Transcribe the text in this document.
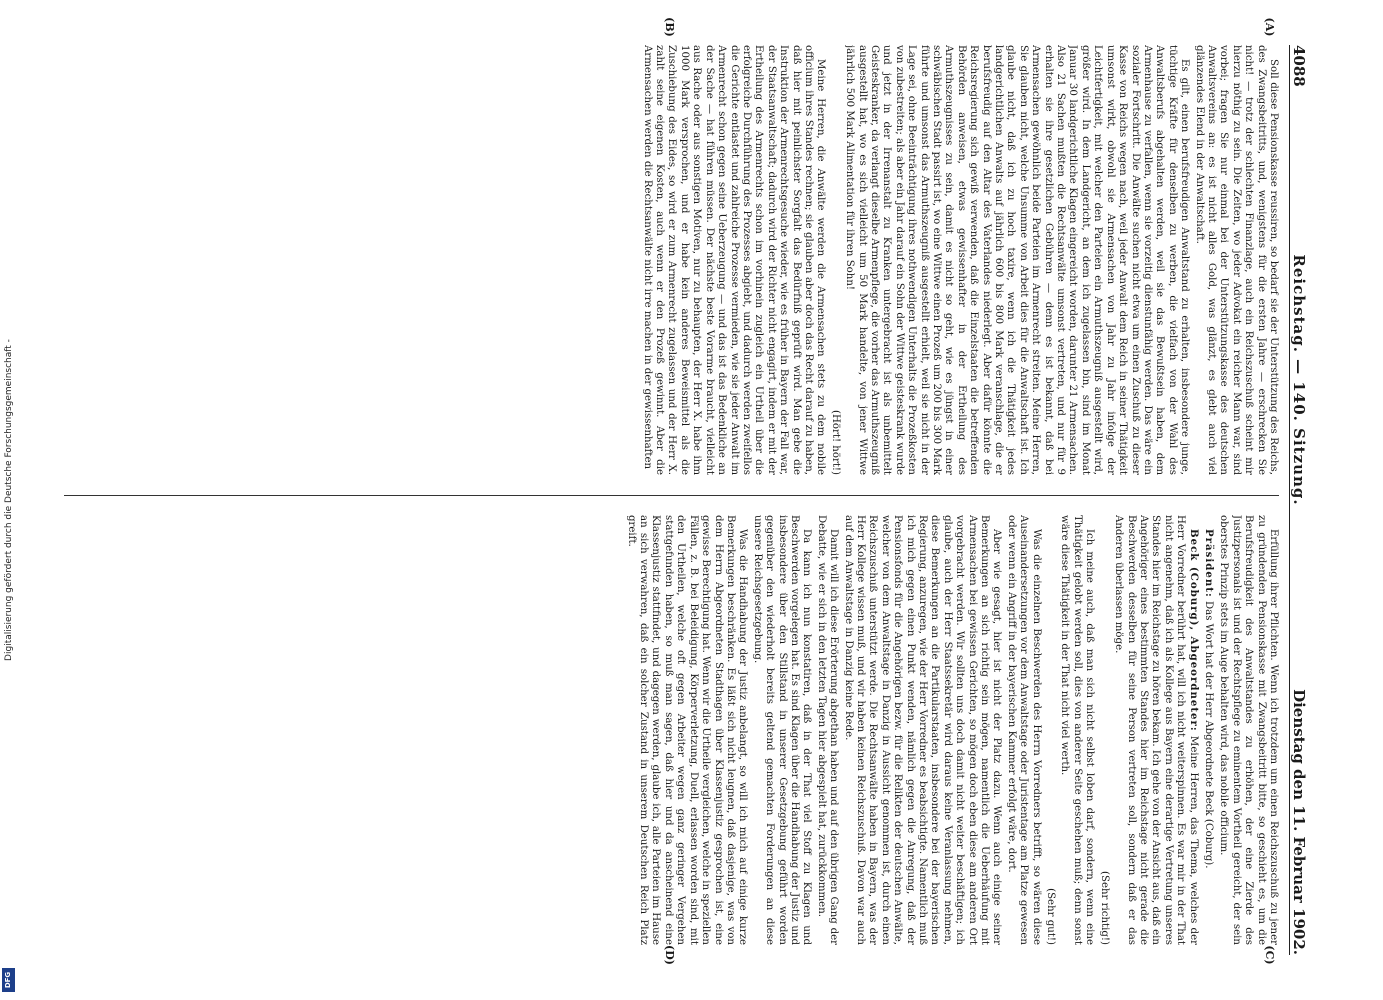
Digitalisierung gefördert durch die Deutsche Forschungsgemeinschaft -
DFG
4088
Reichstag. — 140. Sitzung.
Dienstag den 11. Februar 1902.
(A)
(B)
(C)
(D)

Soll diese Pensionskasse reussiren, so bedarf sie der Unterstützung des Reichs, des Zwangsbeitritts, und, wenigstens für die ersten Jahre — erschrecken Sie nicht! — trotz der schlechten Finanzlage, auch ein Reichszuschuß scheint mir hierzu nöthig zu sein. Die Zeiten, wo jeder Advokat ein reicher Mann war, sind vorbei; fragen Sie nur einmal bei der Unterstützungskasse des deutschen Anwaltsvereins an: es ist nicht alles Gold, was glänzt, es glebt auch viel glänzendes Elend in der Anwaltschaft.

Es gilt, einen berufsfreudigen Anwaltstand zu erhalten, insbesondere junge, tüchtige Kräfte für denselben zu werben, die vielfach von der Wahl des Anwaltsberufs abgehalten werden, weil sie das Bewußtsein haben, dem Armenhause zu verfallen, wenn sie vorzeitig dienstunfähig werden. Das wäre ein sozialer Fortschritt. Die Anwälte suchen nicht etwa um einen Zuschuß zu dieser Kasse von Reichs wegen nach, weil jeder Anwalt dem Reich in seiner Thätigkeit umsonst wirkt, obwohl sie Armensachen von Jahr zu Jahr infolge der Leichtfertigkeit, mit welcher den Parteien ein Armuthszeugniß ausgestellt wird, größer wird. In dem Landgericht, an dem ich zugelassen bin, sind im Monat Januar 30 landgerichtliche Klagen eingereicht worden, darunter 21 Armensachen. Also 21 Sachen mußten die Rechtsanwälte umsonst vertreten, und nur für 9 erhalten sie ihre gesetzlichen Gebühren — denn es ist bekannt, daß bei Armensachen gewöhnlich beide Parteien im Armenrecht streiten. Meine Herren, Sie glauben nicht, welche Unsumme von Arbeit dies für die Anwaltschaft ist. Ich glaube nicht, daß ich zu hoch taxire, wenn ich die Thätigkeit jedes landgerichtlichen Anwalts auf jährlich 600 bis 800 Mark veranschlage, die er berufsfreudig auf den Altar des Vaterlandes niederlegt. Aber dafür könnte die Reichsregierung sich gewiß verwenden, daß die Einzelstaaten die betreffenden Behörden anweisen, etwas gewissenhafter in der Ertheilung des Armuthszeugnisses zu sein, damit es nicht so geht, wie es jüngst in einer schwäbischen Stadt passirt ist, wo eine Wittwe einen Prozeß um 200 bis 300 Mark führte und umsonst das Armuthszeugniß ausgestellt erhielt, weil sie nicht in der Lage sei, ohne Beeinträchtigung ihres nothwendigen Unterhalts die Prozeßkosten von zubestreiten; als aber ein Jahr darauf ein Sohn der Wittwe geisteskrank wurde und jetzt in der Irrenanstalt zu Kranken untergebracht ist als unbemittelt Geisteskranker, da verlangt dieselbe Armenpflege, die vorher das Armuthszeugniß ausgestellt hat, wo es sich vielleicht um 50 Mark handelte, von jener Wittwe jährlich 500 Mark Alimentation für ihren Sohn!

(Hört! hört!)

Meine Herren, die Anwälte werden die Armensachen stets zu dem nobile officium ihres Standes rechnen; sie glauben aber doch das Recht darauf zu haben, daß hier mit peinlichster Sorgfalt das Bedürfniß geprüft wird. Man gebe die Instruktion der Armenrechtsgesuche wieder, wie es früher in Bayern der Fall war, der Staatsanwaltschaft; dadurch wird der Richter nicht engagirt, indem er mit der Ertheilung des Armenrechts schon im vorhinein zugleich ein Urtheil über die erfolgreiche Durchführung des Prozesses abgiebt, und dadurch werden zweifellos die Gerichte entlastet und zahlreiche Prozesse vermieden, wie sie jeder Anwalt im Armenrecht schon gegen seine Ueberzeugung — und das ist das Bedenkliche an der Sache — hat führen müssen. Der nächste beste Vorarme braucht, vielleicht aus Rache oder aus sonstigen Motiven, nur zu behaupten, der Herr X. habe ihm 1000 Mark versprochen, und er habe kein anderes Beweismittel als die Zuschiebung des Eides, so wird er zum Armenrecht zugelassen und der Herr X. zahlt seine eigenen Kosten, auch wenn er den Prozeß gewinnt. Aber die Armensachen werden die Rechtsanwälte nicht irre machen in der gewissenhaften

Erfüllung ihrer Pflichten. Wenn ich trotzdem um einen Reichszuschuß zu jener zu gründenden Pensionskasse mit Zwangsbeitritt bitte, so geschieht es, um die Berufsfreudigkeit des Anwaltstandes zu erhöhen, der eine Zierde des Justizpersonals ist und der Rechtspflege zu eminentem Vortheil gereicht, der sein oberstes Prinzip stets im Auge behalten wird, das nobile officium.

Präsident: Das Wort hat der Herr Abgeordnete Beck (Coburg).

Beck (Coburg), Abgeordneter: Meine Herren, das Thema, welches der Herr Vorredner berührt hat, will ich nicht weiterspinnen. Es war mir in der That nicht angenehm, daß ich als Kollege aus Bayern eine derartige Vertretung unseres Standes hier im Reichstage zu hören bekam. Ich gehe von der Ansicht aus, daß ein Angehöriger eines bestimmten Standes hier im Reichstage nicht gerade die Beschwerden desselben für seine Person vertreten soll, sondern daß er das Anderen überlassen möge.

(Sehr richtig!)

Ich meine auch, daß man sich nicht selbst loben darf, sondern, wenn eine Thätigkeit gelobt werden soll, dies von anderer Seite geschehen muß; denn sonst wäre diese Thätigkeit in der That nicht viel werth.

(Sehr gut!)

Was die einzelnen Beschwerden des Herrn Vorredners betrifft, so wären diese Auseinandersetzungen vor dem Anwaltstage oder Juristentage am Platze gewesen oder wenn ein Angriff in der bayerischen Kammer erfolgt wäre, dort.

Aber wie gesagt, hier ist nicht der Platz dazu. Wenn auch einige seiner Bemerkungen an sich richtig sein mögen, namentlich die Ueberhäufung mit Armensachen bei gewissen Gerichten, so mögen doch eben diese am anderen Ort vorgebracht werden. Wir sollten uns doch damit nicht weiter beschäftigen; ich glaube, auch der Herr Staatssekretär wird daraus keine Veranlassung nehmen, diese Bemerkungen an die Partikularstaaten, insbesondere bei der bayerischen Regierung, anzuregen, wie der Herr Vorredner es beabsichtigte. Namentlich muß ich mich gegen einen Punkt wenden, nämlich gegen die Anregung, daß der Pensionsfonds für die Angehörigen bezw. für die Relikten der deutschen Anwälte, welcher von dem Anwaltstage in Danzig in Aussicht genommen ist, durch einen Reichszuschuß unterstützt werde. Die Rechtsanwälte haben in Bayern, was der Herr Kollege wissen muß, und wir haben keinen Reichszuschuß. Davon war auch auf dem Anwaltstage in Danzig keine Rede.

Damit will ich diese Erörterung abgethan haben und auf den übrigen Gang der Debatte, wie er sich in den letzten Tagen hier abgespielt hat, zurückkommen.

Da kann ich nun konstatiren, daß in der That viel Stoff zu Klagen und Beschwerden vorgelegen hat. Es sind Klagen über die Handhabung der Justiz und insbesondere über den Stillstand in unserer Gesetzgebung geführt worden gegenüber den wiederholt bereits geltend gemachten Forderungen an diese unsere Reichsgesetzgebung.

Was die Handhabung der Justiz anbelangt, so will ich mich auf einige kurze Bemerkungen beschränken. Es läßt sich nicht leugnen, daß dasjenige, was von dem Herrn Abgeordneten Stadthagen über Klassenjustiz gesprochen ist, eine gewisse Berechtigung hat. Wenn wir die Urtheile vergleichen, welche in speziellen Fällen, z. B. bei Beleidigung, Körperverletzung, Duell, erlassen worden sind, mit den Urtheilen, welche oft gegen Arbeiter wegen ganz geringer Vergehen stattgefunden haben, so muß man sagen, daß hier und da anscheinend eine Klassenjustiz stattfindet, und dagegen werden, glaube ich, alle Parteien im Hause an sich verwahren, daß ein solcher Zustand in unserem Deutschen Reich Platz greift.
